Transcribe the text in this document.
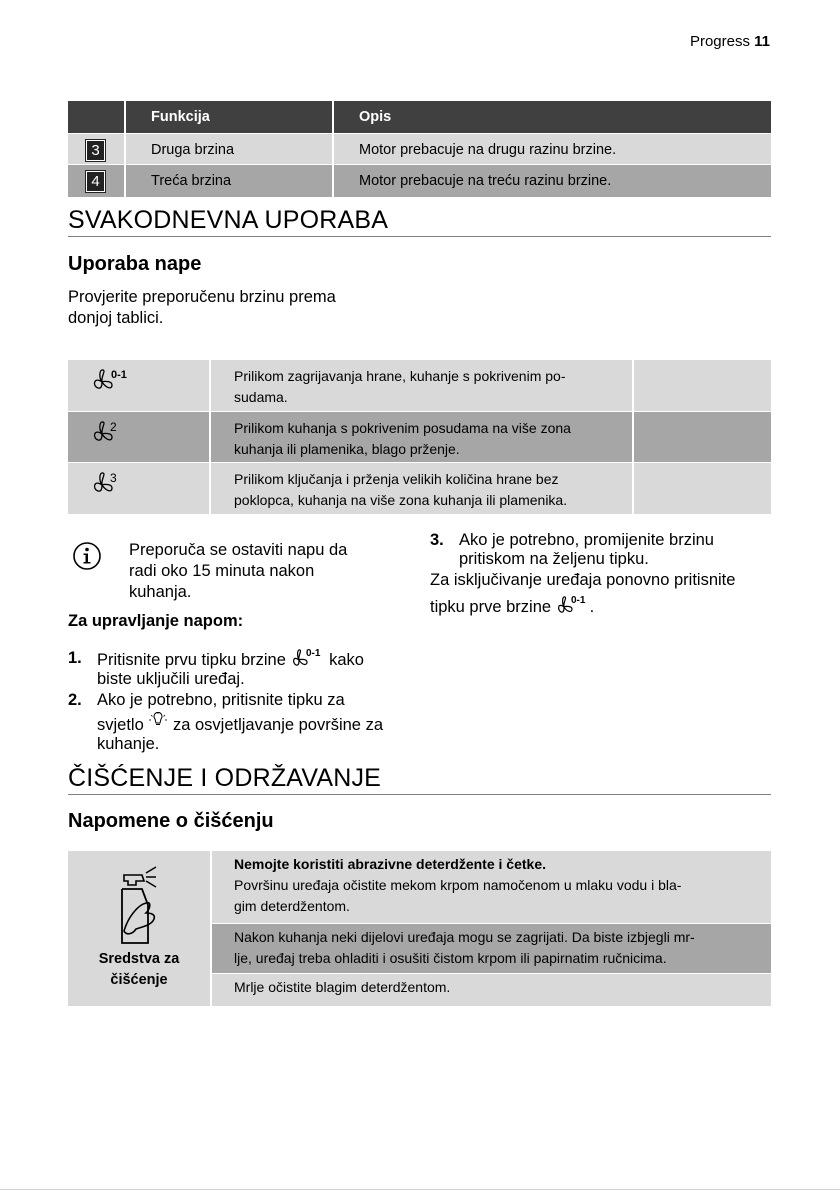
Progress 11
Funkcija	Opis
3	Druga brzina	Motor prebacuje na drugu razinu brzine.
4	Treća brzina	Motor prebacuje na treću razinu brzine.
SVAKODNEVNA UPORABA
Uporaba nape
Provjerite preporučenu brzinu prema donjoj tablici.
0-1	Prilikom zagrijavanja hrane, kuhanje s pokrivenim po-
sudama.
2	Prilikom kuhanja s pokrivenim posudama na više zona
kuhanja ili plamenika, blago prženje.
3	Prilikom ključanja i prženja velikih količina hrane bez
poklopca, kuhanja na više zona kuhanja ili plamenika.
Preporuča se ostaviti napu da
radi oko 15 minuta nakon
kuhanja.
Za upravljanje napom:
1. Pritisnite prvu tipku brzine 0-1 kako
biste uključili uređaj.
2. Ako je potrebno, pritisnite tipku za
svjetlo za osvjetljavanje površine za
kuhanje.
3. Ako je potrebno, promijenite brzinu
pritiskom na željenu tipku.
Za isključivanje uređaja ponovno pritisnite
tipku prve brzine 0-1 .
ČIŠĆENJE I ODRŽAVANJE
Napomene o čišćenju
Sredstva za
čišćenje
Nemojte koristiti abrazivne deterdžente i četke.
Površinu uređaja očistite mekom krpom namočenom u mlaku vodu i bla-
gim deterdžentom.
Nakon kuhanja neki dijelovi uređaja mogu se zagrijati. Da biste izbjegli mr-
lje, uređaj treba ohladiti i osušiti čistom krpom ili papirnatim ručnicima.
Mrlje očistite blagim deterdžentom.
